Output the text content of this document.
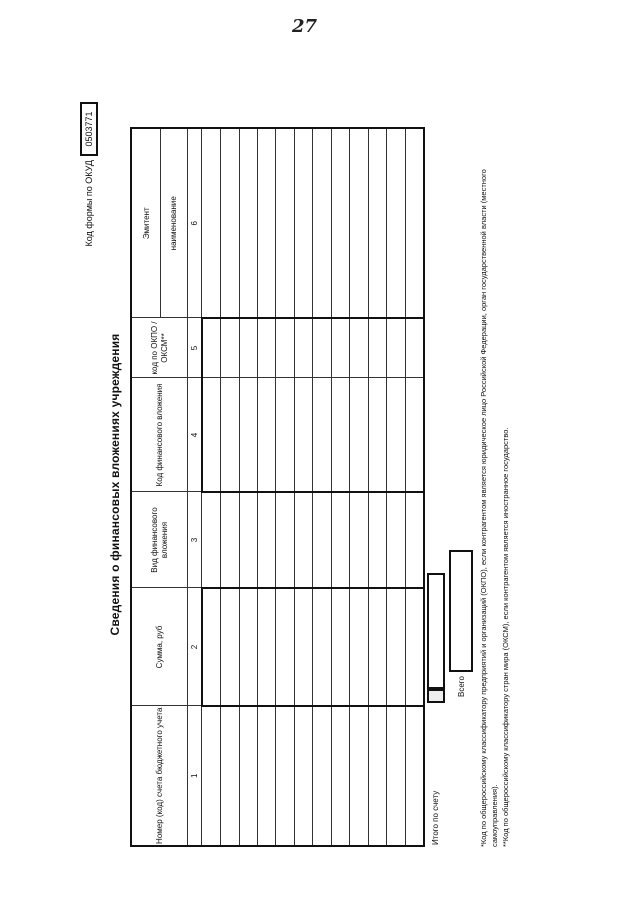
27
Код формы по ОКУД
0503771
Сведения о финансовых вложениях учреждения
Номер (код) счета бюджетного учета	Сумма, руб	Вид финансового вложения	Код финансового вложения	код по ОКПО / ОКСМ**	Эмитент наименование

1	2	3	4	5	6

Итого по счету
Всего *Код по общероссийскому классификатору предприятий и организаций (ОКПО), если контрагентом является юридическое лицо Российской Федерации, орган государственной власти (местного самоуправления). **Код по общероссийскому классификатору стран мира (ОКСМ), если контрагентом является иностранное государство.
